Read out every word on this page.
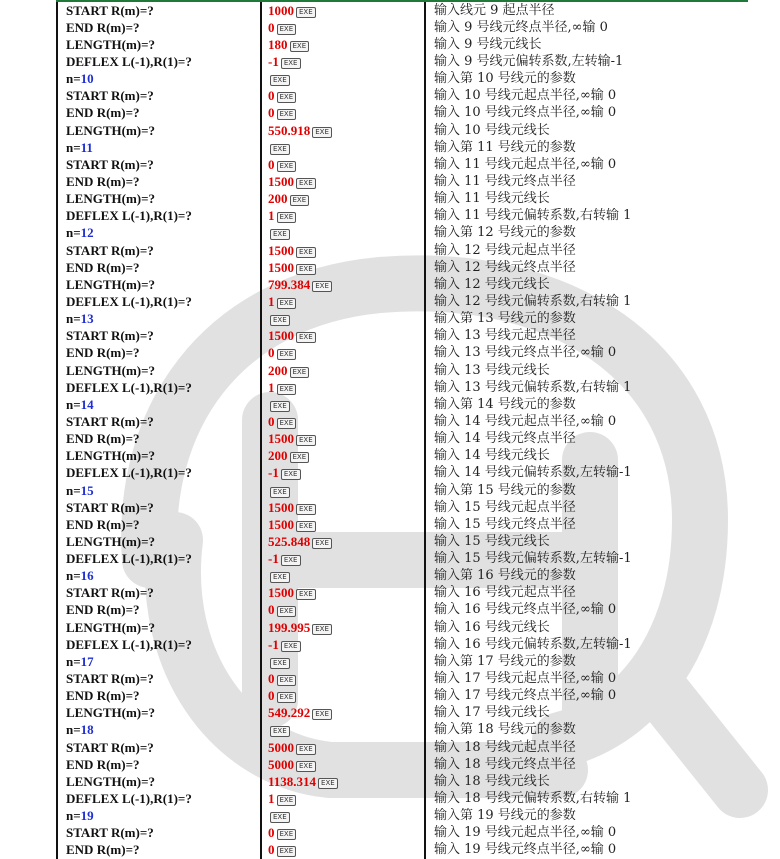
START R(m)=?	1000 EXE	输入线元 9 起点半径
END R(m)=?	0 EXE	输入 9 号线元终点半径,∞输 0
LENGTH(m)=?	180 EXE	输入 9 号线元线长
DEFLEX L(-1),R(1)=?	-1 EXE	输入 9 号线元偏转系数,左转输-1
n=10	EXE	输入第 10 号线元的参数
START R(m)=?	0 EXE	输入 10 号线元起点半径,∞输 0
END R(m)=?	0 EXE	输入 10 号线元终点半径,∞输 0
LENGTH(m)=?	550.918 EXE	输入 10 号线元线长
n=11	EXE	输入第 11 号线元的参数
START R(m)=?	0 EXE	输入 11 号线元起点半径,∞输 0
END R(m)=?	1500 EXE	输入 11 号线元终点半径
LENGTH(m)=?	200 EXE	输入 11 号线元线长
DEFLEX L(-1),R(1)=?	1 EXE	输入 11 号线元偏转系数,右转输 1
n=12	EXE	输入第 12 号线元的参数
START R(m)=?	1500 EXE	输入 12 号线元起点半径
END R(m)=?	1500 EXE	输入 12 号线元终点半径
LENGTH(m)=?	799.384 EXE	输入 12 号线元线长
DEFLEX L(-1),R(1)=?	1 EXE	输入 12 号线元偏转系数,右转输 1
n=13	EXE	输入第 13 号线元的参数
START R(m)=?	1500 EXE	输入 13 号线元起点半径
END R(m)=?	0 EXE	输入 13 号线元终点半径,∞输 0
LENGTH(m)=?	200 EXE	输入 13 号线元线长
DEFLEX L(-1),R(1)=?	1 EXE	输入 13 号线元偏转系数,右转输 1
n=14	EXE	输入第 14 号线元的参数
START R(m)=?	0 EXE	输入 14 号线元起点半径,∞输 0
END R(m)=?	1500 EXE	输入 14 号线元终点半径
LENGTH(m)=?	200 EXE	输入 14 号线元线长
DEFLEX L(-1),R(1)=?	-1 EXE	输入 14 号线元偏转系数,左转输-1
n=15	EXE	输入第 15 号线元的参数
START R(m)=?	1500 EXE	输入 15 号线元起点半径
END R(m)=?	1500 EXE	输入 15 号线元终点半径
LENGTH(m)=?	525.848 EXE	输入 15 号线元线长
DEFLEX L(-1),R(1)=?	-1 EXE	输入 15 号线元偏转系数,左转输-1
n=16	EXE	输入第 16 号线元的参数
START R(m)=?	1500 EXE	输入 16 号线元起点半径
END R(m)=?	0 EXE	输入 16 号线元终点半径,∞输 0
LENGTH(m)=?	199.995 EXE	输入 16 号线元线长
DEFLEX L(-1),R(1)=?	-1 EXE	输入 16 号线元偏转系数,左转输-1
n=17	EXE	输入第 17 号线元的参数
START R(m)=?	0 EXE	输入 17 号线元起点半径,∞输 0
END R(m)=?	0 EXE	输入 17 号线元终点半径,∞输 0
LENGTH(m)=?	549.292 EXE	输入 17 号线元线长
n=18	EXE	输入第 18 号线元的参数
START R(m)=?	5000 EXE	输入 18 号线元起点半径
END R(m)=?	5000 EXE	输入 18 号线元终点半径
LENGTH(m)=?	1138.314 EXE	输入 18 号线元线长
DEFLEX L(-1),R(1)=?	1 EXE	输入 18 号线元偏转系数,右转输 1
n=19	EXE	输入第 19 号线元的参数
START R(m)=?	0 EXE	输入 19 号线元起点半径,∞输 0
END R(m)=?	0 EXE	输入 19 号线元终点半径,∞输 0
